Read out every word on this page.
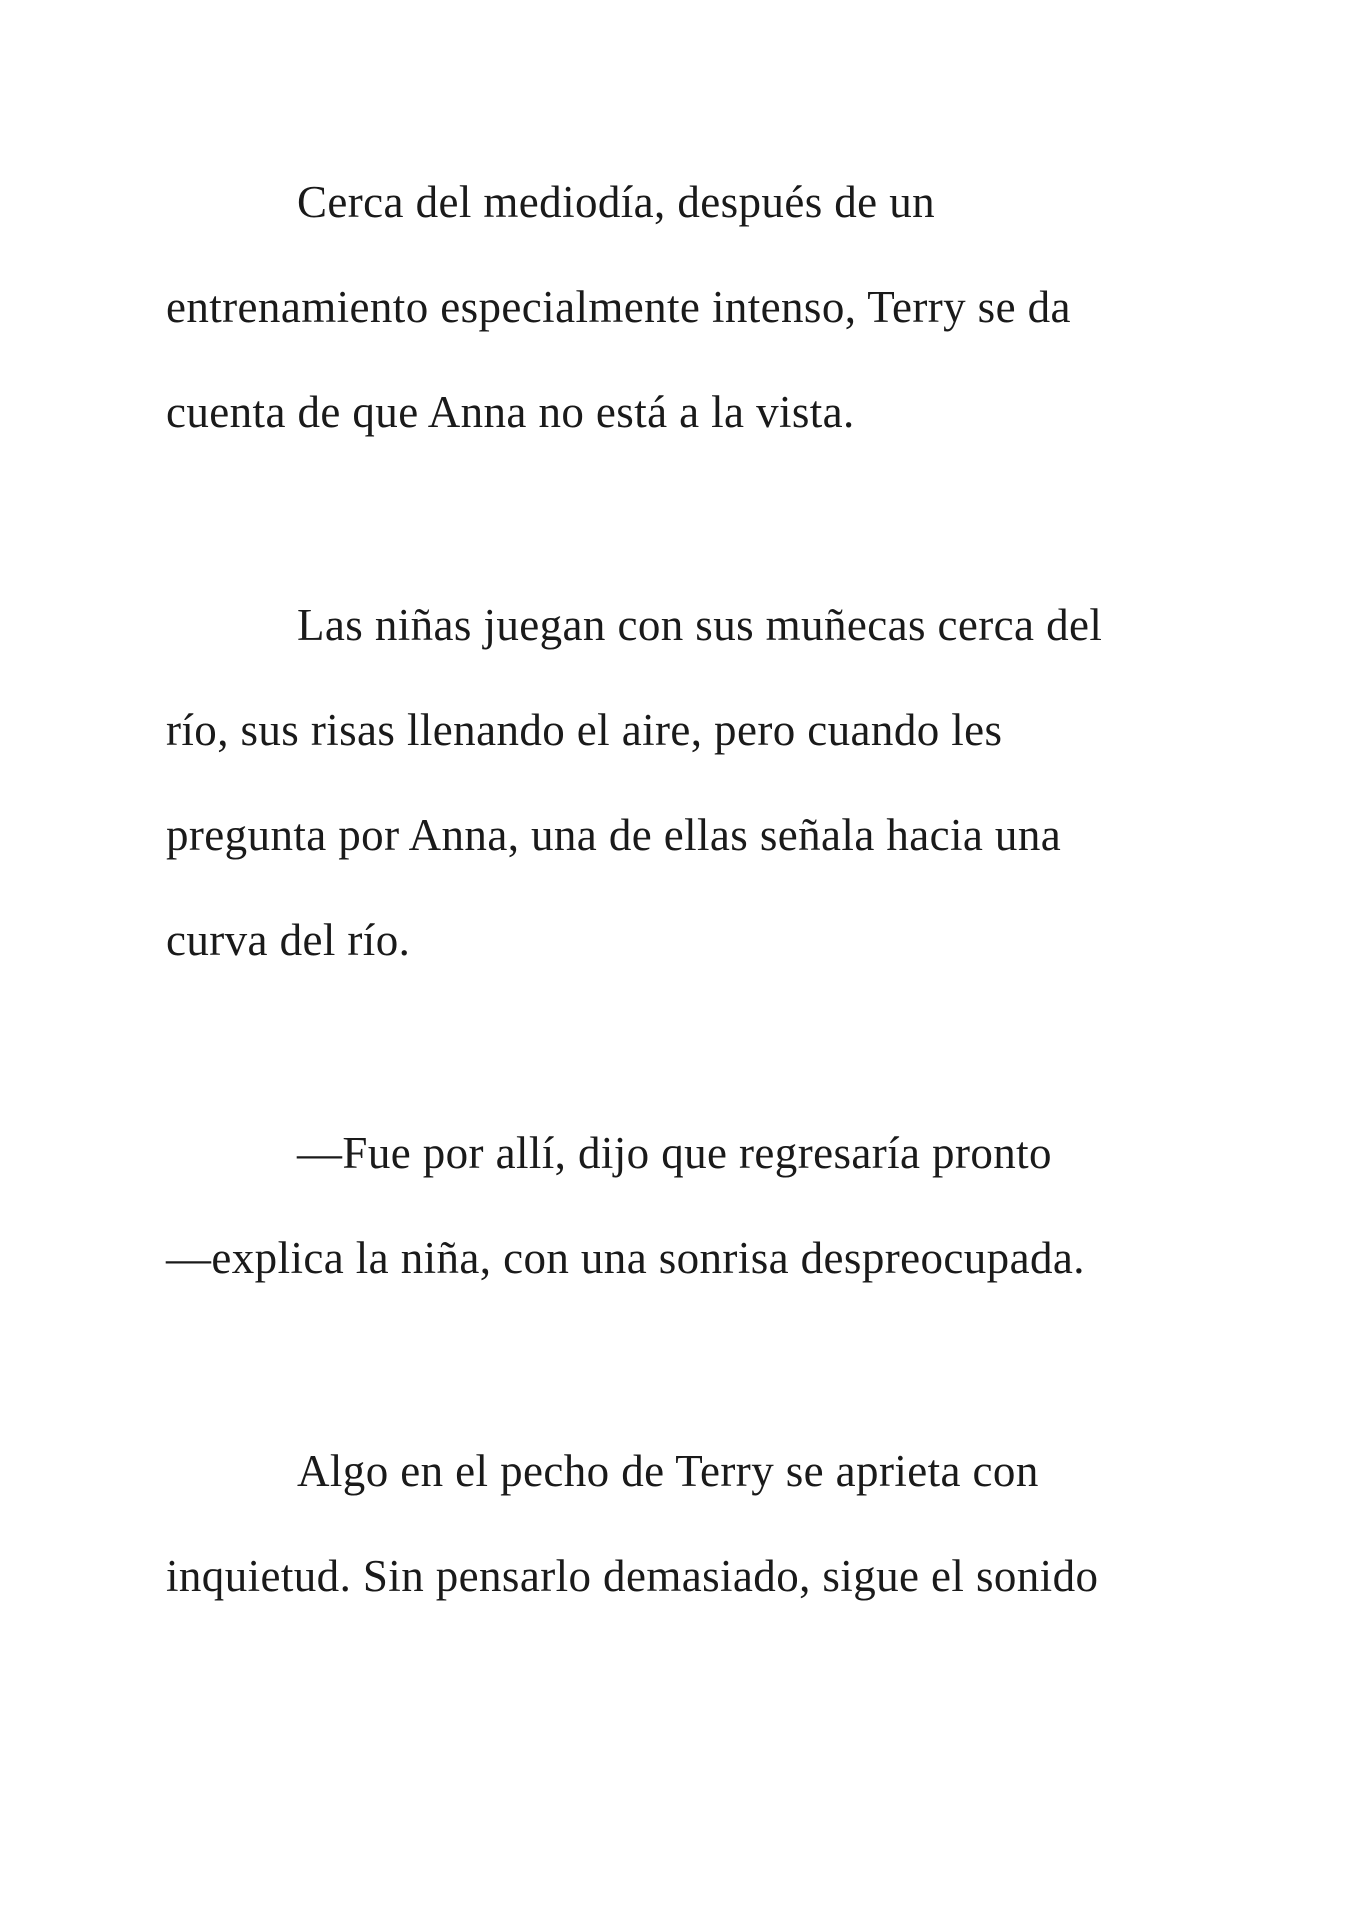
Cerca del mediodía, después de un
entrenamiento especialmente intenso, Terry se da
cuenta de que Anna no está a la vista.
Las niñas juegan con sus muñecas cerca del
río, sus risas llenando el aire, pero cuando les
pregunta por Anna, una de ellas señala hacia una
curva del río.
—Fue por allí, dijo que regresaría pronto
—explica la niña, con una sonrisa despreocupada.
Algo en el pecho de Terry se aprieta con
inquietud. Sin pensarlo demasiado, sigue el sonido
